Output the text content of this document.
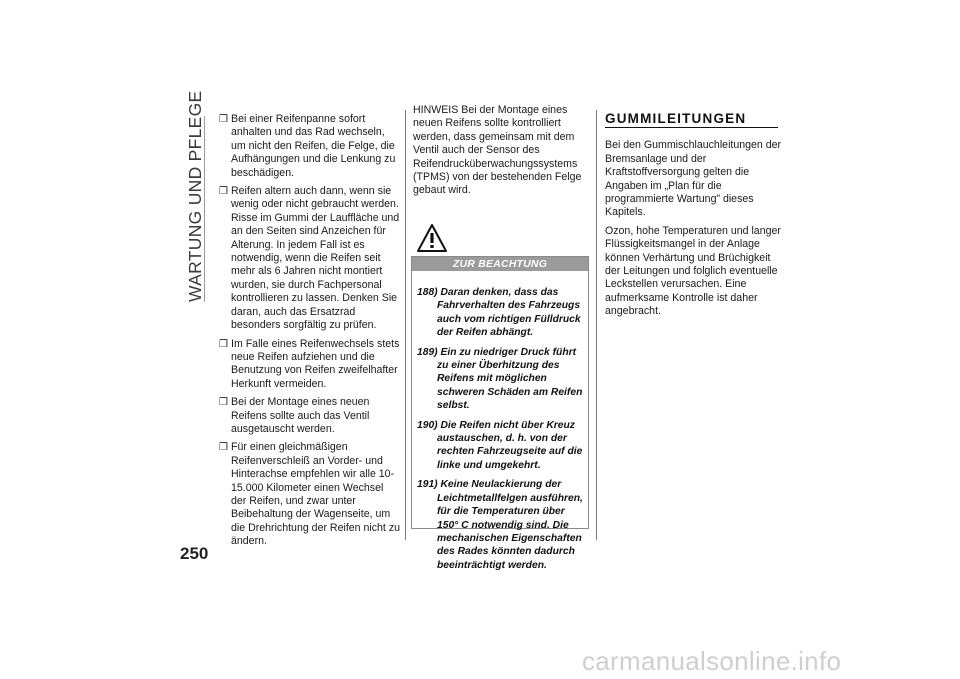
WARTUNG UND PFLEGE ❒ Bei einer Reifenpanne sofort anhalten und das Rad wechseln, um nicht den Reifen, die Felge, die Aufhängungen und die Lenkung zu beschädigen.
❒ Reifen altern auch dann, wenn sie wenig oder nicht gebraucht werden. Risse im Gummi der Lauffläche und an den Seiten sind Anzeichen für Alterung. In jedem Fall ist es notwendig, wenn die Reifen seit mehr als 6 Jahren nicht montiert wurden, sie durch Fachpersonal kontrollieren zu lassen. Denken Sie daran, auch das Ersatzrad besonders sorgfältig zu prüfen.
❒ Im Falle eines Reifenwechsels stets neue Reifen aufziehen und die Benutzung von Reifen zweifelhafter Herkunft vermeiden.
❒ Bei der Montage eines neuen Reifens sollte auch das Ventil ausgetauscht werden.
❒ Für einen gleichmäßigen Reifenverschleiß an Vorder- und Hinterachse empfehlen wir alle 10-15.000 Kilometer einen Wechsel der Reifen, und zwar unter Beibehaltung der Wagenseite, um die Drehrichtung der Reifen nicht zu ändern.
HINWEIS Bei der Montage eines neuen Reifens sollte kontrolliert werden, dass gemeinsam mit dem Ventil auch der Sensor des Reifendrucküberwachungssystems (TPMS) von der bestehenden Felge gebaut wird.
ZUR BEACHTUNG
188) Daran denken, dass das Fahrverhalten des Fahrzeugs auch vom richtigen Fülldruck der Reifen abhängt.
189) Ein zu niedriger Druck führt zu einer Überhitzung des Reifens mit möglichen schweren Schäden am Reifen selbst.
190) Die Reifen nicht über Kreuz austauschen, d. h. von der rechten Fahrzeugseite auf die linke und umgekehrt.
191) Keine Neulackierung der Leichtmetallfelgen ausführen, für die Temperaturen über 150° C notwendig sind. Die mechanischen Eigenschaften des Rades könnten dadurch beeinträchtigt werden.
GUMMILEITUNGEN

Bei den Gummischlauchleitungen der Bremsanlage und der Kraftstoffversorgung gelten die Angaben im „Plan für die programmierte Wartung” dieses Kapitels.

Ozon, hohe Temperaturen und langer Flüssigkeitsmangel in der Anlage können Verhärtung und Brüchigkeit der Leitungen und folglich eventuelle Leckstellen verursachen. Eine aufmerksame Kontrolle ist daher angebracht.

250
carmanualsonline.info
